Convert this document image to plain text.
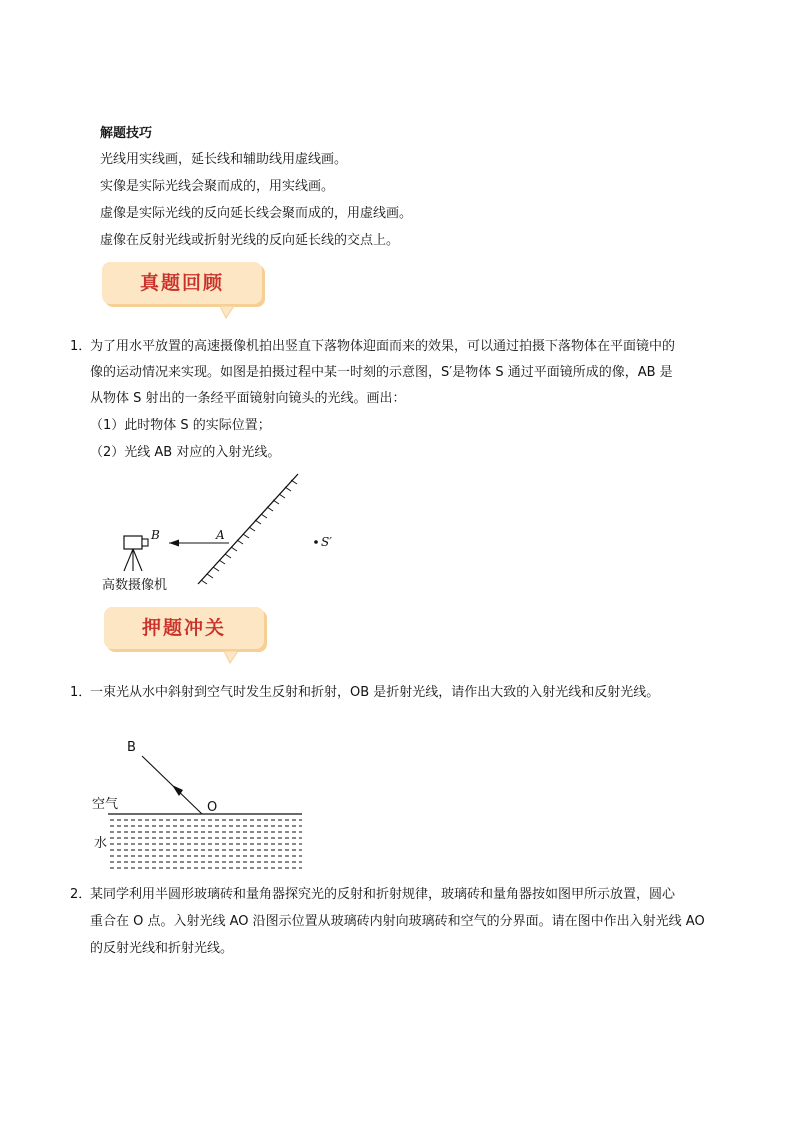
解题技巧
光线用实线画，延长线和辅助线用虚线画。
实像是实际光线会聚而成的，用实线画。
虚像是实际光线的反向延长线会聚而成的，用虚线画。
虚像在反射光线或折射光线的反向延长线的交点上。
真题回顾
1．
为了用水平放置的高速摄像机拍出竖直下落物体迎面而来的效果，可以通过拍摄下落物体在平面镜中的
像的运动情况来实现。如图是拍摄过程中某一时刻的示意图，S′是物体 S 通过平面镜所成的像，AB 是
从物体 S 射出的一条经平面镜射向镜头的光线。画出：
（1）此时物体 S 的实际位置；
（2）光线 AB 对应的入射光线。
B	A	S′
高数摄像机
押题冲关
1．
一束光从水中斜射到空气时发生反射和折射，OB 是折射光线，请作出大致的入射光线和反射光线。
B
O
空气
水
2．
某同学利用半圆形玻璃砖和量角器探究光的反射和折射规律，玻璃砖和量角器按如图甲所示放置，圆心
重合在 O 点。入射光线 AO 沿图示位置从玻璃砖内射向玻璃砖和空气的分界面。请在图中作出入射光线 AO
的反射光线和折射光线。
